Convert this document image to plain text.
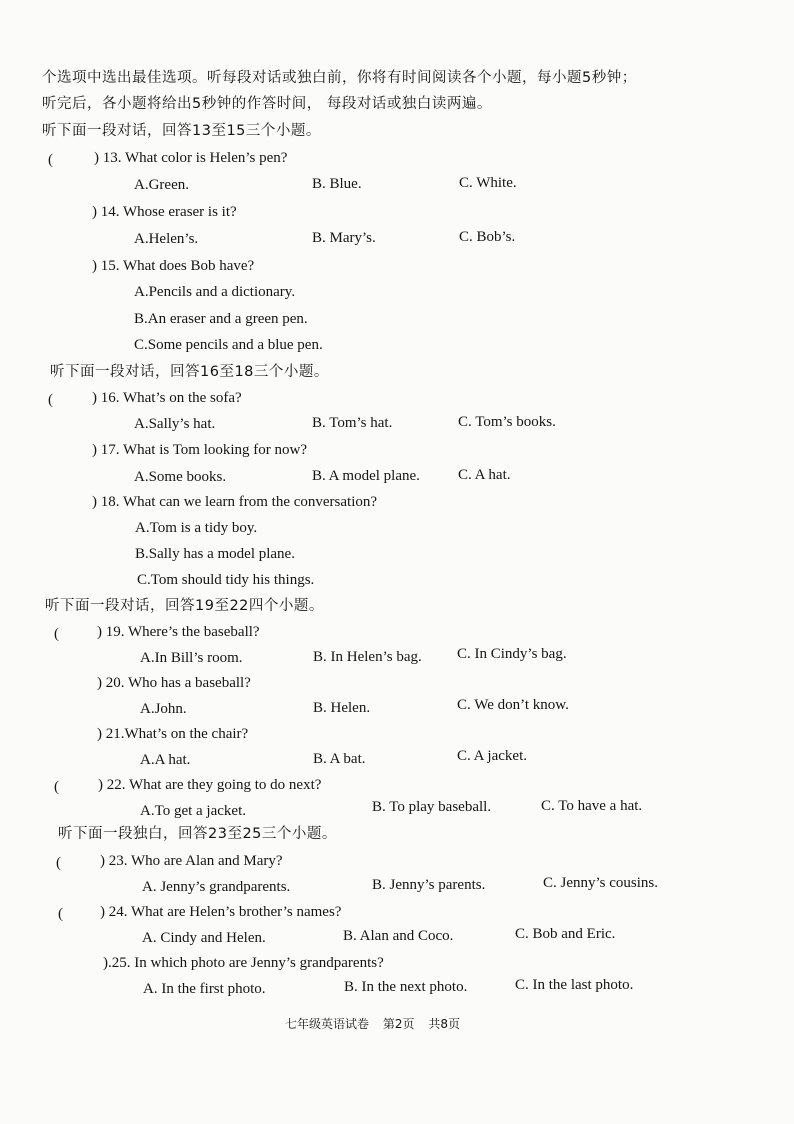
个选项中选出最佳选项。听每段对话或独白前，你将有时间阅读各个小题，每小题5秒钟；
听完后，各小题将给出5秒钟的作答时间， 每段对话或独白读两遍。
听下面一段对话，回答13至15三个小题。
(	) 13. What color is Helen’s pen?
A.Green.	B. Blue.	C. White.
) 14. Whose eraser is it?
A.Helen’s.	B. Mary’s.	C. Bob’s.
) 15. What does Bob have?
A.Pencils and a dictionary.
B.An eraser and a green pen.
C.Some pencils and a blue pen.
听下面一段对话，回答16至18三个小题。
(	) 16. What’s on the sofa?
A.Sally’s hat.	B. Tom’s hat.	C. Tom’s books.
) 17. What is Tom looking for now?
A.Some books.	B. A model plane.	C. A hat.
) 18. What can we learn from the conversation?
A.Tom is a tidy boy.
B.Sally has a model plane.
C.Tom should tidy his things.
听下面一段对话，回答19至22四个小题。
(	) 19. Where’s the baseball?
A.In Bill’s room.	B. In Helen’s bag. C. In Cindy’s bag.
) 20. Who has a baseball?
A.John.	B. Helen.	C. We don’t know.
) 21.What’s on the chair?
A.A hat.	B. A bat.	C. A jacket.
(	) 22. What are they going to do next?
A.To get a jacket.	B. To play baseball.	C. To have a hat.
听下面一段独白，回答23至25三个小题。
(	) 23. Who are Alan and Mary?
A. Jenny’s grandparents.	B. Jenny’s parents.	C. Jenny’s cousins.
( ) 24. What are Helen’s brother’s names?
A. Cindy and Helen.	B. Alan and Coco.	C. Bob and Eric.
).25. In which photo are Jenny’s grandparents?
A. In the first photo.	B. In the next photo.	C. In the last photo.
七年级英语试卷 第2页 共8页
